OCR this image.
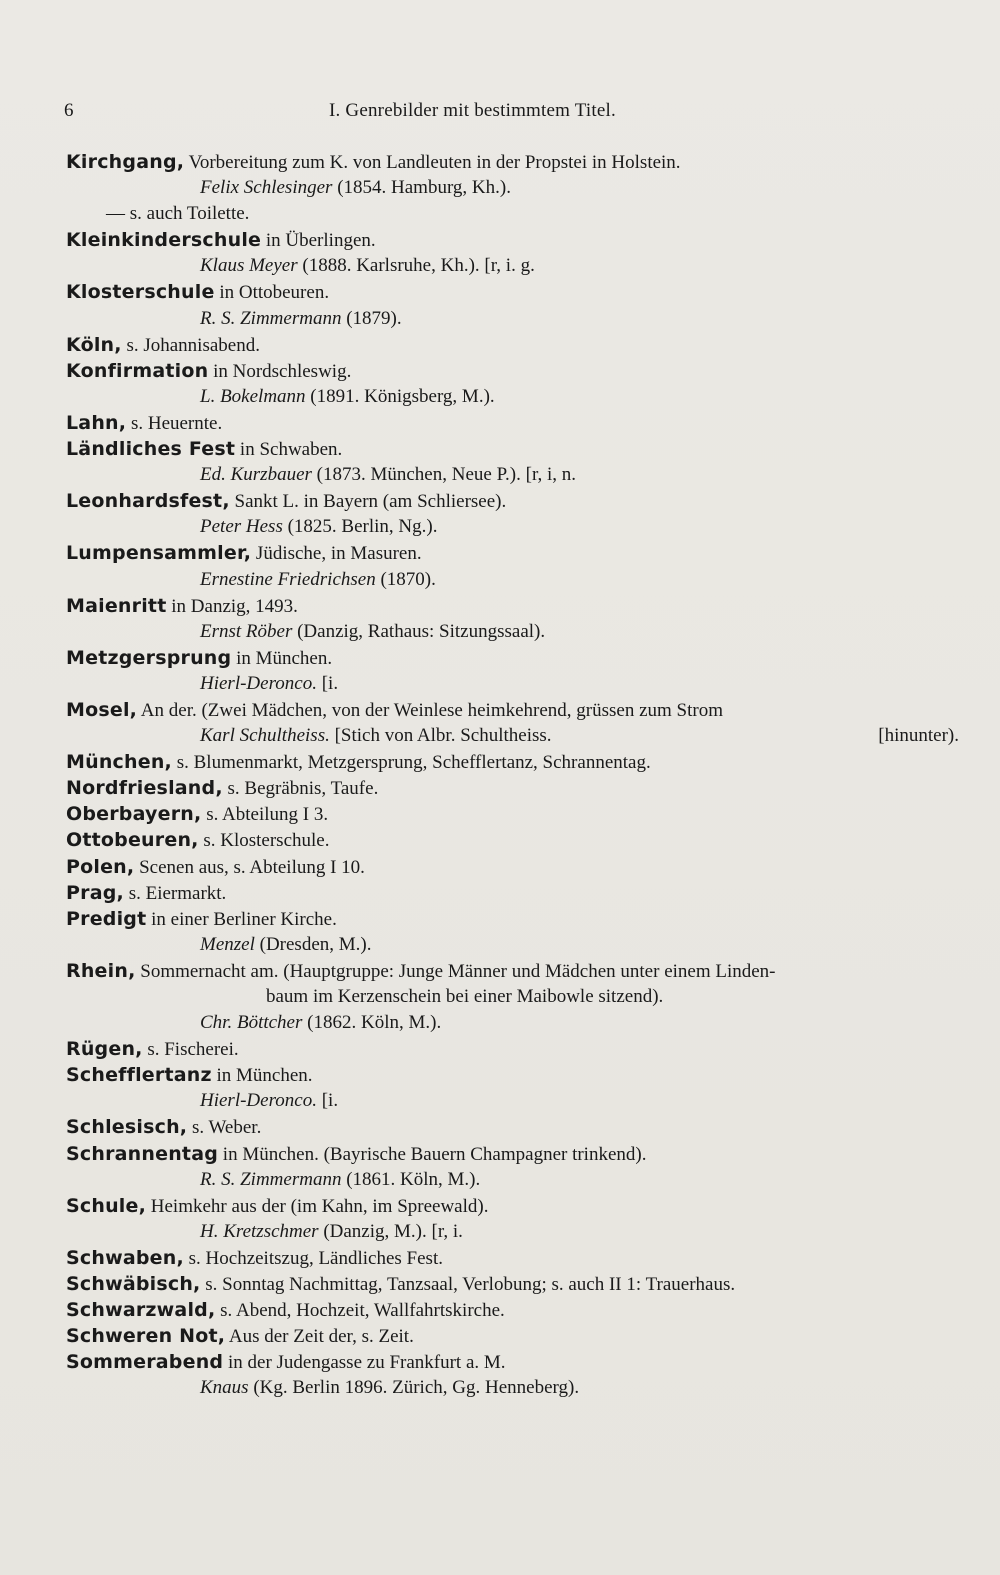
6	I. Genrebilder mit bestimmtem Titel.
Kirchgang, Vorbereitung zum K. von Landleuten in der Propstei in Holstein.
Felix Schlesinger (1854. Hamburg, Kh.).
— s. auch Toilette.
Kleinkinderschule in Überlingen.
Klaus Meyer (1888. Karlsruhe, Kh.). [r, i. g.
Klosterschule in Ottobeuren.
R. S. Zimmermann (1879).
Köln, s. Johannisabend.
Konfirmation in Nordschleswig.
L. Bokelmann (1891. Königsberg, M.).
Lahn, s. Heuernte.
Ländliches Fest in Schwaben.
Ed. Kurzbauer (1873. München, Neue P.). [r, i, n.
Leonhardsfest, Sankt L. in Bayern (am Schliersee).
Peter Hess (1825. Berlin, Ng.).
Lumpensammler, Jüdische, in Masuren.
Ernestine Friedrichsen (1870).
Maienritt in Danzig, 1493.
Ernst Röber (Danzig, Rathaus: Sitzungssaal).
Metzgersprung in München.
Hierl-Deronco. [i.
Mosel, An der. (Zwei Mädchen, von der Weinlese heimkehrend, grüssen zum Strom
Karl Schultheiss. [Stich von Albr. Schultheiss.	[hinunter).
München, s. Blumenmarkt, Metzgersprung, Schefflertanz, Schrannentag.
Nordfriesland, s. Begräbnis, Taufe.
Oberbayern, s. Abteilung I 3.
Ottobeuren, s. Klosterschule.
Polen, Scenen aus, s. Abteilung I 10.
Prag, s. Eiermarkt.
Predigt in einer Berliner Kirche.
Menzel (Dresden, M.).
Rhein, Sommernacht am. (Hauptgruppe: Junge Männer und Mädchen unter einem Linden-
baum im Kerzenschein bei einer Maibowle sitzend).
Chr. Böttcher (1862. Köln, M.).
Rügen, s. Fischerei.
Schefflertanz in München.
Hierl-Deronco. [i.
Schlesisch, s. Weber.
Schrannentag in München. (Bayrische Bauern Champagner trinkend).
R. S. Zimmermann (1861. Köln, M.).
Schule, Heimkehr aus der (im Kahn, im Spreewald).
H. Kretzschmer (Danzig, M.). [r, i.
Schwaben, s. Hochzeitszug, Ländliches Fest.
Schwäbisch, s. Sonntag Nachmittag, Tanzsaal, Verlobung; s. auch II 1: Trauerhaus.
Schwarzwald, s. Abend, Hochzeit, Wallfahrtskirche.
Schweren Not, Aus der Zeit der, s. Zeit.
Sommerabend in der Judengasse zu Frankfurt a. M.
Knaus (Kg. Berlin 1896. Zürich, Gg. Henneberg).
